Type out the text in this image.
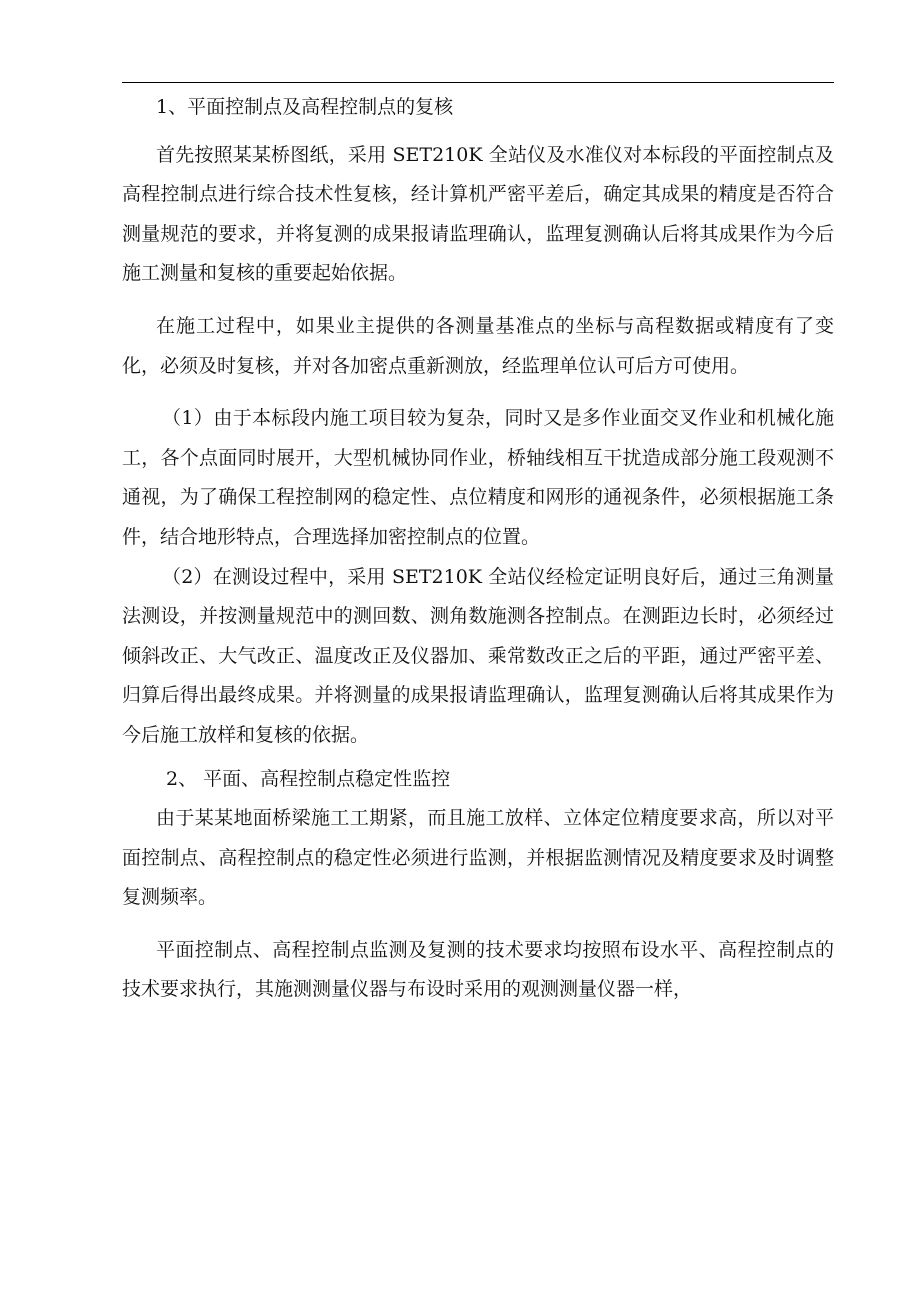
1、平面控制点及高程控制点的复核

首先按照某某桥图纸，采用 SET210K 全站仪及水准仪对本标段的平面控制点及高程控制点进行综合技术性复核，经计算机严密平差后，确定其成果的精度是否符合测量规范的要求，并将复测的成果报请监理确认，监理复测确认后将其成果作为今后施工测量和复核的重要起始依据。

在施工过程中，如果业主提供的各测量基准点的坐标与高程数据或精度有了变化，必须及时复核，并对各加密点重新测放，经监理单位认可后方可使用。

（1）由于本标段内施工项目较为复杂，同时又是多作业面交叉作业和机械化施工，各个点面同时展开，大型机械协同作业，桥轴线相互干扰造成部分施工段观测不通视，为了确保工程控制网的稳定性、点位精度和网形的通视条件，必须根据施工条件，结合地形特点，合理选择加密控制点的位置。

（2）在测设过程中，采用 SET210K 全站仪经检定证明良好后，通过三角测量法测设，并按测量规范中的测回数、测角数施测各控制点。在测距边长时，必须经过倾斜改正、大气改正、温度改正及仪器加、乘常数改正之后的平距，通过严密平差、归算后得出最终成果。并将测量的成果报请监理确认，监理复测确认后将其成果作为今后施工放样和复核的依据。

2、 平面、高程控制点稳定性监控

由于某某地面桥梁施工工期紧，而且施工放样、立体定位精度要求高，所以对平面控制点、高程控制点的稳定性必须进行监测，并根据监测情况及精度要求及时调整复测频率。

平面控制点、高程控制点监测及复测的技术要求均按照布设水平、高程控制点的技术要求执行，其施测测量仪器与布设时采用的观测测量仪器一样，
